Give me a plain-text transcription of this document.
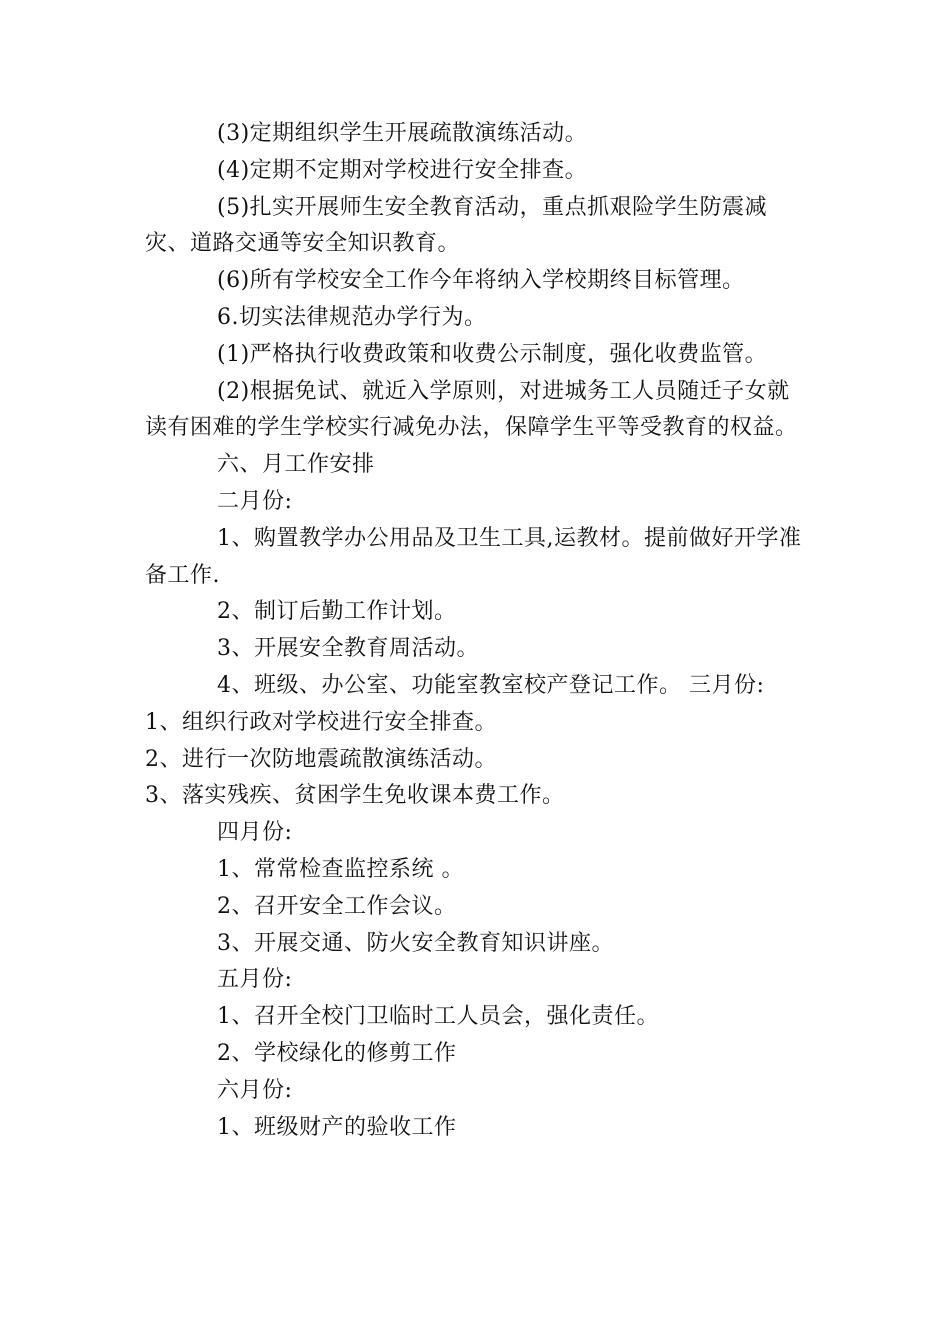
(3)定期组织学生开展疏散演练活动。

(4)定期不定期对学校进行安全排查。

(5)扎实开展师生安全教育活动，重点抓艰险学生防震减灾、道路交通等安全知识教育。

(6)所有学校安全工作今年将纳入学校期终目标管理。

6.切实法律规范办学行为。

(1)严格执行收费政策和收费公示制度，强化收费监管。

(2)根据免试、就近入学原则，对进城务工人员随迁子女就读有困难的学生学校实行减免办法，保障学生平等受教育的权益。

六、月工作安排

二月份:

1、购置教学办公用品及卫生工具,运教材。提前做好开学准备工作.

2、制订后勤工作计划。

3、开展安全教育周活动。

4、班级、办公室、功能室教室校产登记工作。 三月份:

1、组织行政对学校进行安全排查。

2、进行一次防地震疏散演练活动。

3、落实残疾、贫困学生免收课本费工作。

四月份:

1、常常检查监控系统 。

2、召开安全工作会议。

3、开展交通、防火安全教育知识讲座。

五月份:

1、召开全校门卫临时工人员会，强化责任。

2、学校绿化的修剪工作

六月份:

1、班级财产的验收工作
